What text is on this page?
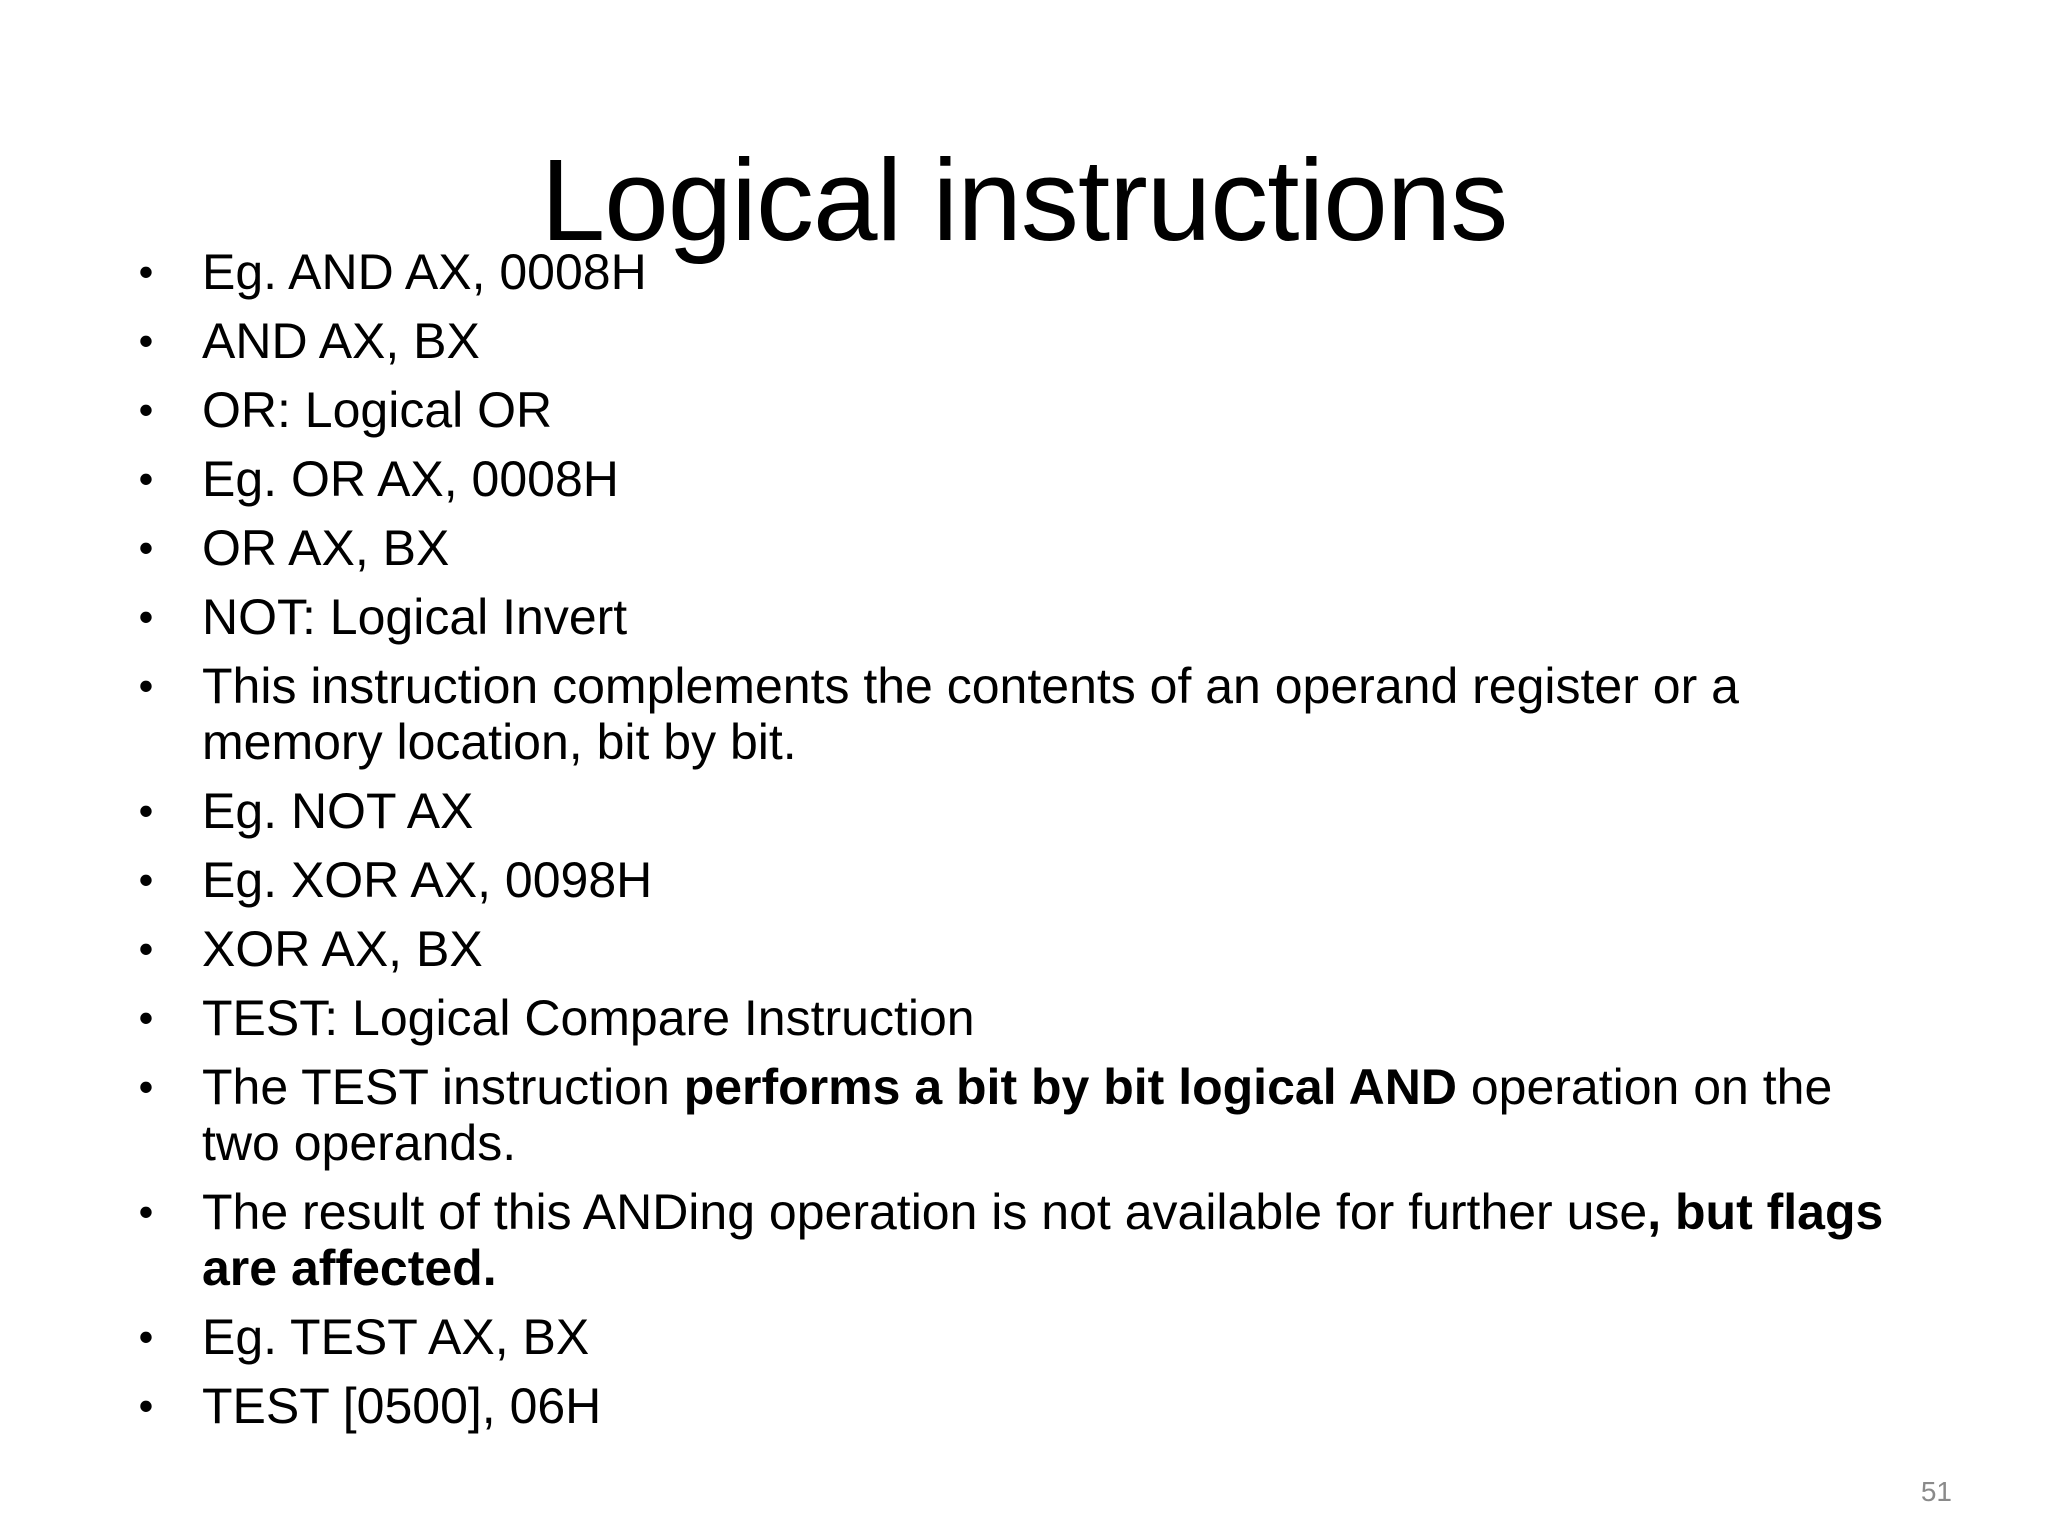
Logical instructions
• Eg. AND AX, 0008H
• AND AX, BX
• OR: Logical OR
• Eg. OR AX, 0008H
• OR AX, BX
• NOT: Logical Invert
• This instruction complements the contents of an operand register or a memory location, bit by bit.
• Eg. NOT AX
• Eg. XOR AX, 0098H
• XOR AX, BX
• TEST: Logical Compare Instruction
• The TEST instruction performs a bit by bit logical AND operation on the two operands.
• The result of this ANDing operation is not available for further use, but flags are affected.
• Eg. TEST AX, BX
• TEST [0500], 06H
51
